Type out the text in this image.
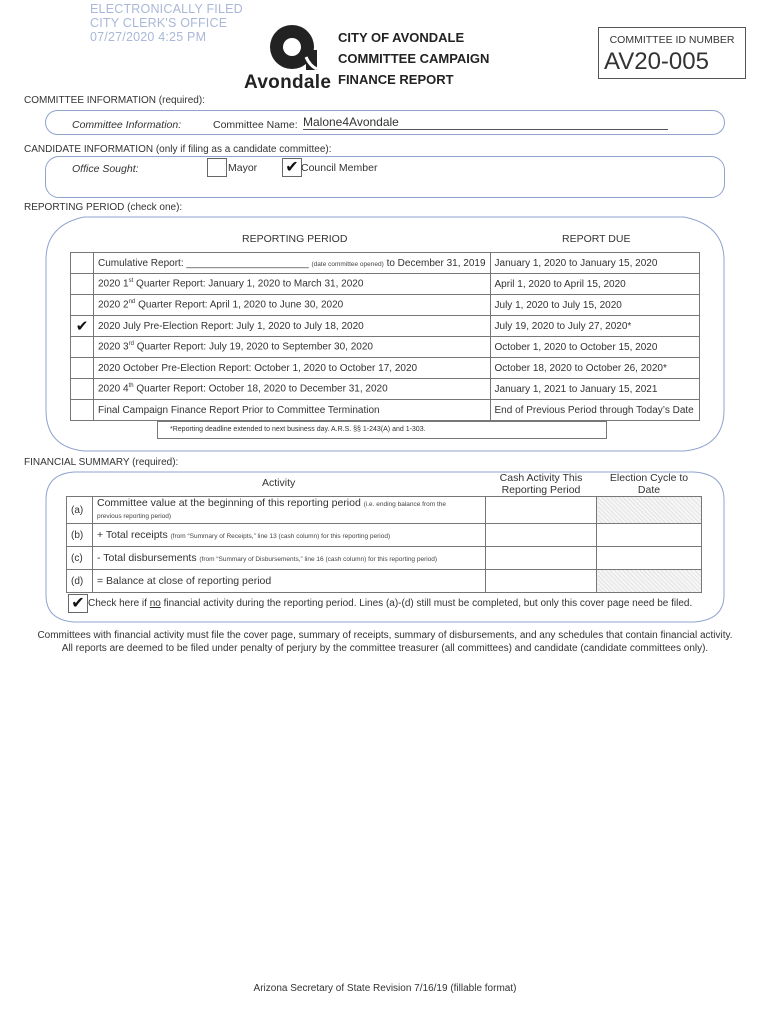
ELECTRONICALLY FILED
CITY CLERK'S OFFICE
07/27/2020 4:25 PM
Avondale
CITY OF AVONDALE
COMMITTEE CAMPAIGN
FINANCE REPORT
COMMITTEE ID NUMBER
AV20-005
COMMITTEE INFORMATION (required):
Committee Information:	Committee Name: Malone4Avondale
CANDIDATE INFORMATION (only if filing as a candidate committee):
Office Sought:	Mayor ✔ Council Member
REPORTING PERIOD (check one):
REPORTING PERIOD	REPORT DUE
	Cumulative Report: ______________________ (date committee opened) to December 31, 2019	January 1, 2020 to January 15, 2020
	2020 1st Quarter Report: January 1, 2020 to March 31, 2020	April 1, 2020 to April 15, 2020
	2020 2nd Quarter Report: April 1, 2020 to June 30, 2020	July 1, 2020 to July 15, 2020
✔	2020 July Pre-Election Report: July 1, 2020 to July 18, 2020	July 19, 2020 to July 27, 2020*
	2020 3rd Quarter Report: July 19, 2020 to September 30, 2020	October 1, 2020 to October 15, 2020
	2020 October Pre-Election Report: October 1, 2020 to October 17, 2020	October 18, 2020 to October 26, 2020*
	2020 4th Quarter Report: October 18, 2020 to December 31, 2020	January 1, 2021 to January 15, 2021
	Final Campaign Finance Report Prior to Committee Termination	End of Previous Period through Today’s Date
*Reporting deadline extended to next business day. A.R.S. §§ 1-243(A) and 1-303.
FINANCIAL SUMMARY (required):
Activity	Cash Activity This
Reporting Period
Election Cycle to
Date
(a)	Committee value at the beginning of this reporting period (i.e. ending balance from the
previous reporting period)		
(b)	+ Total receipts (from “Summary of Receipts,” line 13 (cash column) for this reporting period)		
(c)	- Total disbursements (from “Summary of Disbursements,” line 16 (cash column) for this reporting period)		
(d)	= Balance at close of reporting period		
✔ Check here if no financial activity during the reporting period. Lines (a)-(d) still must be completed, but only this cover page need be filed.
Committees with financial activity must file the cover page, summary of receipts, summary of disbursements, and any schedules that contain financial activity.
All reports are deemed to be filed under penalty of perjury by the committee treasurer (all committees) and candidate (candidate committees only).
Arizona Secretary of State Revision 7/16/19 (fillable format)
